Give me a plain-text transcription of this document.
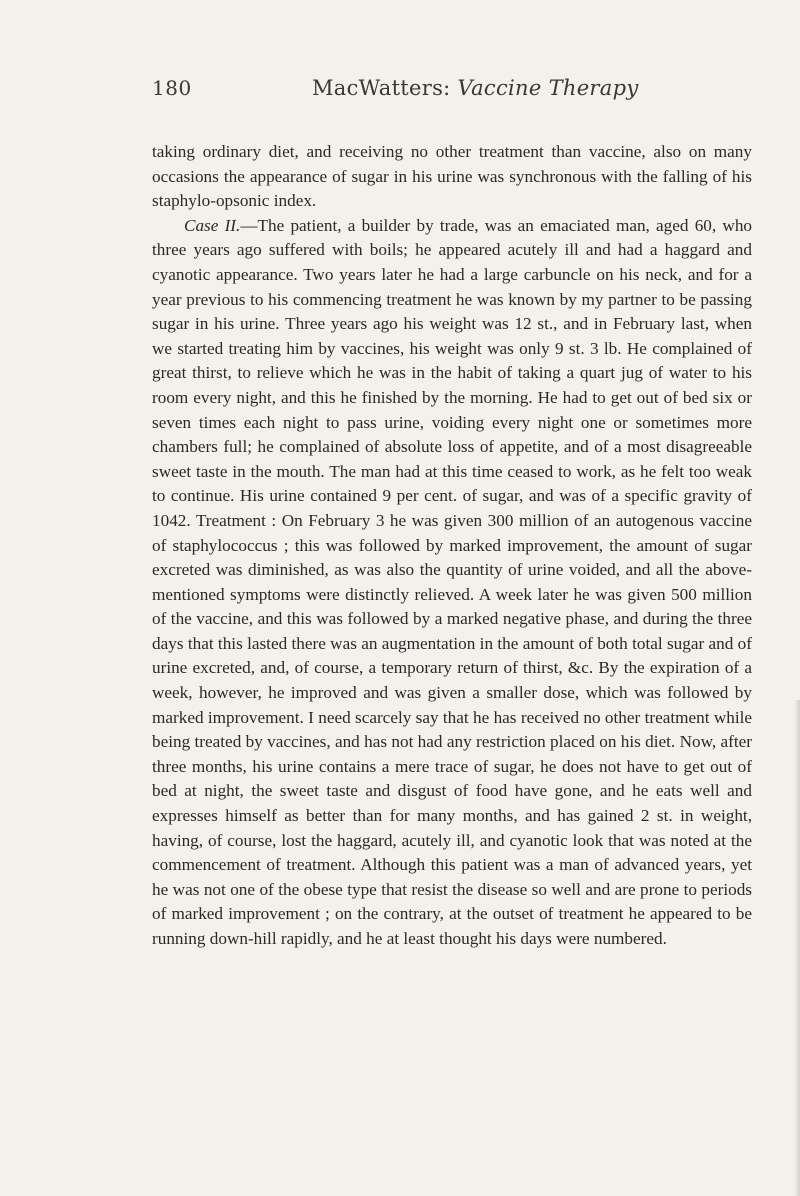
180	MacWatters: Vaccine Therapy

taking ordinary diet, and receiving no other treatment than vaccine, also on many occasions the appearance of sugar in his urine was synchronous with the falling of his staphylo-opsonic index.

Case II.—The patient, a builder by trade, was an emaciated man, aged 60, who three years ago suffered with boils; he appeared acutely ill and had a haggard and cyanotic appearance. Two years later he had a large carbuncle on his neck, and for a year previous to his commencing treatment he was known by my partner to be passing sugar in his urine. Three years ago his weight was 12 st., and in February last, when we started treating him by vaccines, his weight was only 9 st. 3 lb. He complained of great thirst, to relieve which he was in the habit of taking a quart jug of water to his room every night, and this he finished by the morning. He had to get out of bed six or seven times each night to pass urine, voiding every night one or sometimes more chambers full; he complained of absolute loss of appetite, and of a most disagreeable sweet taste in the mouth. The man had at this time ceased to work, as he felt too weak to continue. His urine contained 9 per cent. of sugar, and was of a specific gravity of 1042. Treatment : On February 3 he was given 300 million of an autogenous vaccine of staphylococcus ; this was followed by marked improvement, the amount of sugar excreted was diminished, as was also the quantity of urine voided, and all the above-mentioned symptoms were distinctly relieved. A week later he was given 500 million of the vaccine, and this was followed by a marked negative phase, and during the three days that this lasted there was an augmentation in the amount of both total sugar and of urine excreted, and, of course, a temporary return of thirst, &c. By the expiration of a week, however, he improved and was given a smaller dose, which was followed by marked improvement. I need scarcely say that he has received no other treatment while being treated by vaccines, and has not had any restriction placed on his diet. Now, after three months, his urine contains a mere trace of sugar, he does not have to get out of bed at night, the sweet taste and disgust of food have gone, and he eats well and expresses himself as better than for many months, and has gained 2 st. in weight, having, of course, lost the haggard, acutely ill, and cyanotic look that was noted at the commencement of treatment. Although this patient was a man of advanced years, yet he was not one of the obese type that resist the disease so well and are prone to periods of marked improvement ; on the contrary, at the outset of treatment he appeared to be running down-hill rapidly, and he at least thought his days were numbered.
